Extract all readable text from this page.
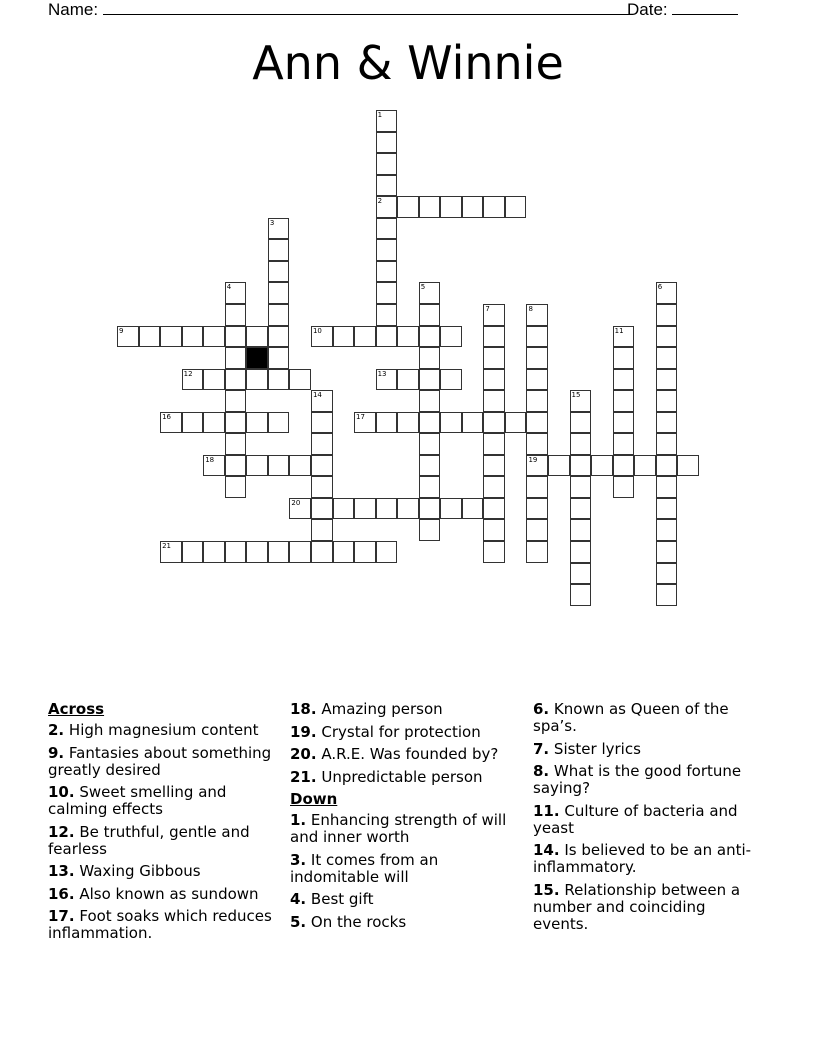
Name:	Date:
Ann & Winnie
1
2
3
4	5	6
7	8
19
9	10	11
12	13
14	15
16	17
18
20
21
Across
2. High magnesium content
9. Fantasies about something greatly desired
10. Sweet smelling and calming effects
12. Be truthful, gentle and fearless
13. Waxing Gibbous
16. Also known as sundown
17. Foot soaks which reduces inflammation.
18. Amazing person
19. Crystal for protection
20. A.R.E. Was founded by?
21. Unpredictable person
Down
1. Enhancing strength of will and inner worth
3. It comes from an indomitable will
4. Best gift
5. On the rocks
6. Known as Queen of the spa’s.
7. Sister lyrics
8. What is the good fortune saying?
11. Culture of bacteria and yeast
14. Is believed to be an anti-inflammatory.
15. Relationship between a number and coinciding events.
